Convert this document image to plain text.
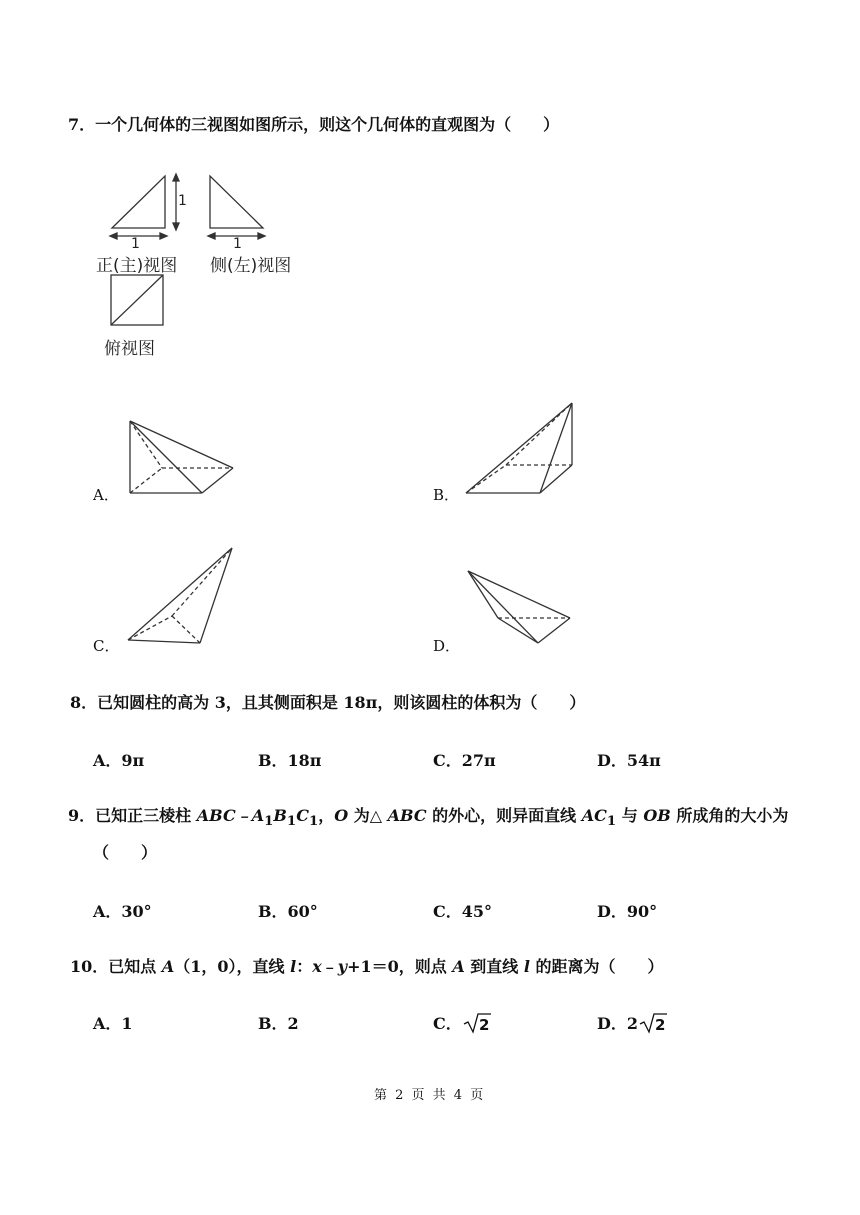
7．一个几何体的三视图如图所示，则这个几何体的直观图为（　　）
1
1	1
正(主)视图 侧(左)视图
俯视图
A．	B．
C．	D．
8．已知圆柱的高为 3，且其侧面积是 18π，则该圆柱的体积为（　　）
A．9π	B．18π	C．27π	D．54π
9．已知正三棱柱 $ABC﹣A_1B_1C_1$，O 为△ ABC 的外心，则异面直线 $AC_1$ 与 OB 所成角的大小为
（　　）
A．30°	B．60°	C．45°	D．90°
10．已知点 A（1，0），直线 l：x﹣y+1＝0，则点 A 到直线 l 的距离为（　　）
A．1	B．2	C． 2	D．2 2
第 2 页 共 4 页
